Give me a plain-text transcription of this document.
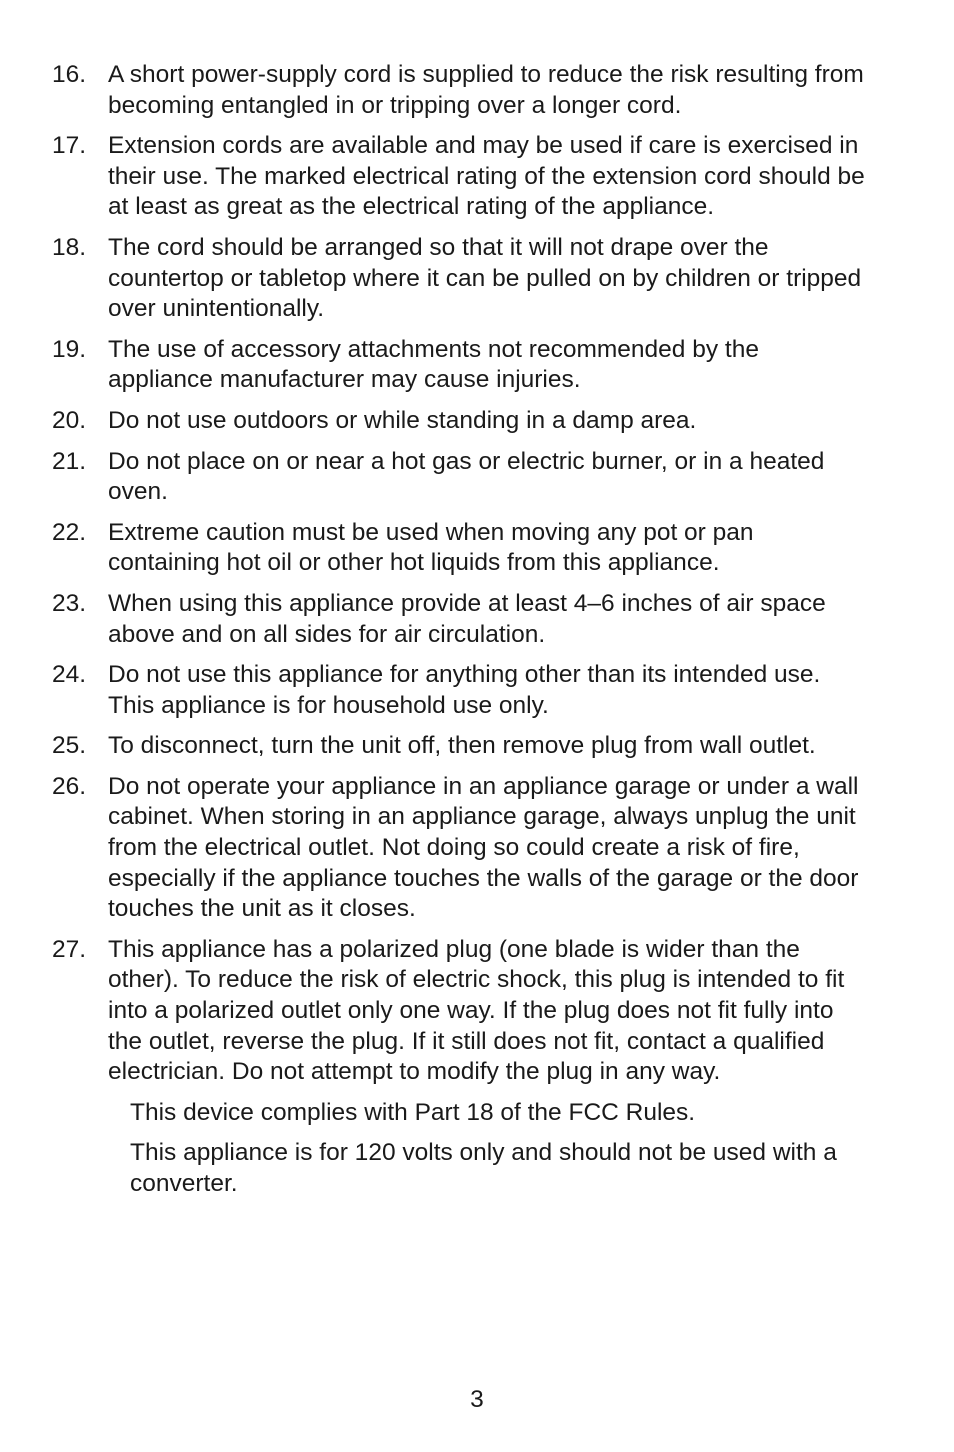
16. A short power-supply cord is supplied to reduce the risk resulting from becoming entangled in or tripping over a longer cord.
17. Extension cords are available and may be used if care is exercised in their use. The marked electrical rating of the extension cord should be at least as great as the electrical rating of the appliance.
18. The cord should be arranged so that it will not drape over the countertop or tabletop where it can be pulled on by children or tripped over unintentionally.
19. The use of accessory attachments not recommended by the appliance manufacturer may cause injuries.
20. Do not use outdoors or while standing in a damp area.
21. Do not place on or near a hot gas or electric burner, or in a heated oven.
22. Extreme caution must be used when moving any pot or pan containing hot oil or other hot liquids from this appliance.
23. When using this appliance provide at least 4–6 inches of air space above and on all sides for air circulation.
24. Do not use this appliance for anything other than its intended use. This appliance is for household use only.
25. To disconnect, turn the unit off, then remove plug from wall outlet.
26. Do not operate your appliance in an appliance garage or under a wall cabinet. When storing in an appliance garage, always unplug the unit from the electrical outlet. Not doing so could create a risk of fire, especially if the appliance touches the walls of the garage or the door touches the unit as it closes.
27. This appliance has a polarized plug (one blade is wider than the other). To reduce the risk of electric shock, this plug is intended to fit into a polarized outlet only one way. If the plug does not fit fully into the outlet, reverse the plug. If it still does not fit, contact a qualified electrician. Do not attempt to modify the plug in any way.
This device complies with Part 18 of the FCC Rules.
This appliance is for 120 volts only and should not be used with a converter.
3
